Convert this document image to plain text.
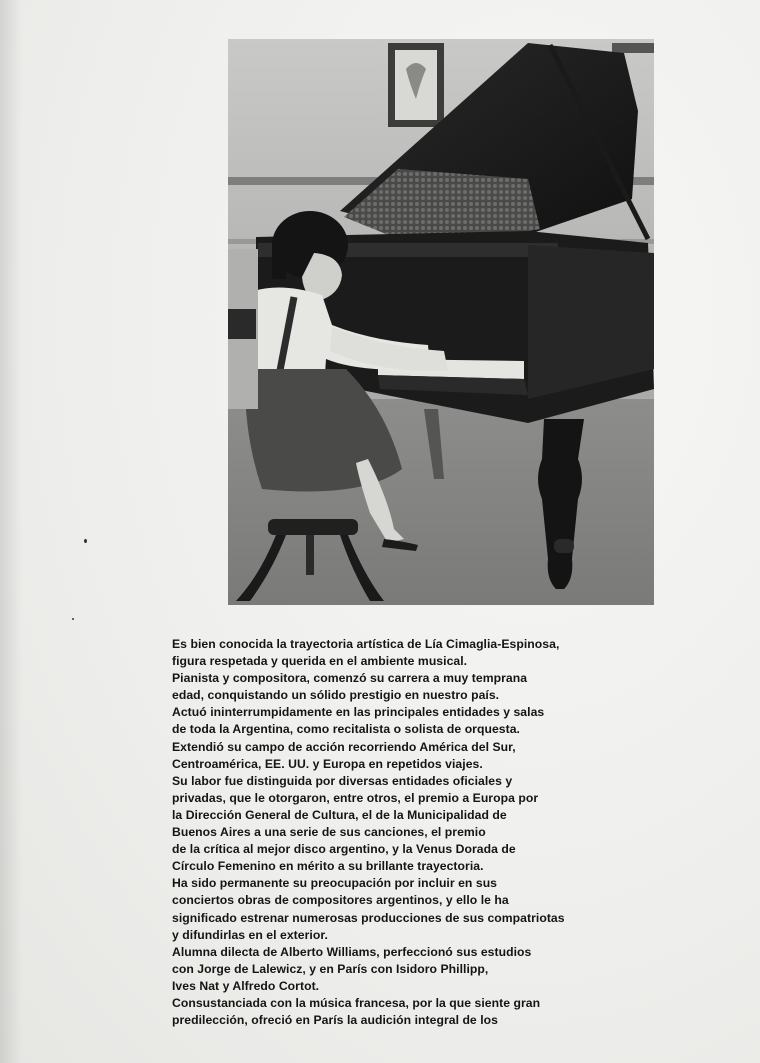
Es bien conocida la trayectoria artística de Lía Cimaglia-Espinosa,
figura respetada y querida en el ambiente musical.
Pianista y compositora, comenzó su carrera a muy temprana
edad, conquistando un sólido prestigio en nuestro país.
Actuó ininterrumpidamente en las principales entidades y salas
de toda la Argentina, como recitalista o solista de orquesta.
Extendió su campo de acción recorriendo América del Sur,
Centroamérica, EE. UU. y Europa en repetidos viajes.
Su labor fue distinguida por diversas entidades oficiales y
privadas, que le otorgaron, entre otros, el premio a Europa por
la Dirección General de Cultura, el de la Municipalidad de
Buenos Aires a una serie de sus canciones, el premio
de la crítica al mejor disco argentino, y la Venus Dorada de
Círculo Femenino en mérito a su brillante trayectoria.
Ha sido permanente su preocupación por incluir en sus
conciertos obras de compositores argentinos, y ello le ha
significado estrenar numerosas producciones de sus compatriotas
y difundirlas en el exterior.
Alumna dilecta de Alberto Williams, perfeccionó sus estudios
con Jorge de Lalewicz, y en París con Isidoro Phillipp,
Ives Nat y Alfredo Cortot.
Consustanciada con la música francesa, por la que siente gran
predilección, ofreció en París la audición integral de los
